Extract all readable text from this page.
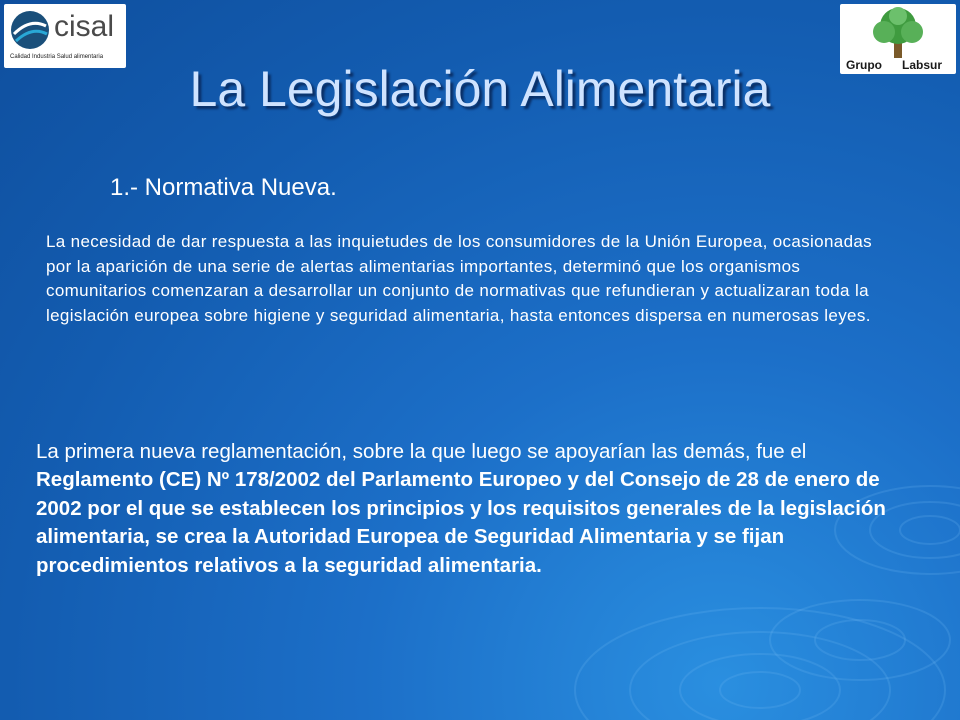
cisal
Calidad Industria Salud alimentaria
Grupo Labsur
La Legislación Alimentaria
1.- Normativa Nueva.

La necesidad de dar respuesta a las inquietudes de los consumidores de la Unión Europea, ocasionadas por la aparición de una serie de alertas alimentarias importantes, determinó que los organismos comunitarios comenzaran a desarrollar un conjunto de normativas que refundieran y actualizaran toda la legislación europea sobre higiene y seguridad alimentaria, hasta entonces dispersa en numerosas leyes.

La primera nueva reglamentación, sobre la que luego se apoyarían las demás, fue el Reglamento (CE) Nº 178/2002 del Parlamento Europeo y del Consejo de 28 de enero de 2002 por el que se establecen los principios y los requisitos generales de la legislación alimentaria, se crea la Autoridad Europea de Seguridad Alimentaria y se fijan procedimientos relativos a la seguridad alimentaria.
